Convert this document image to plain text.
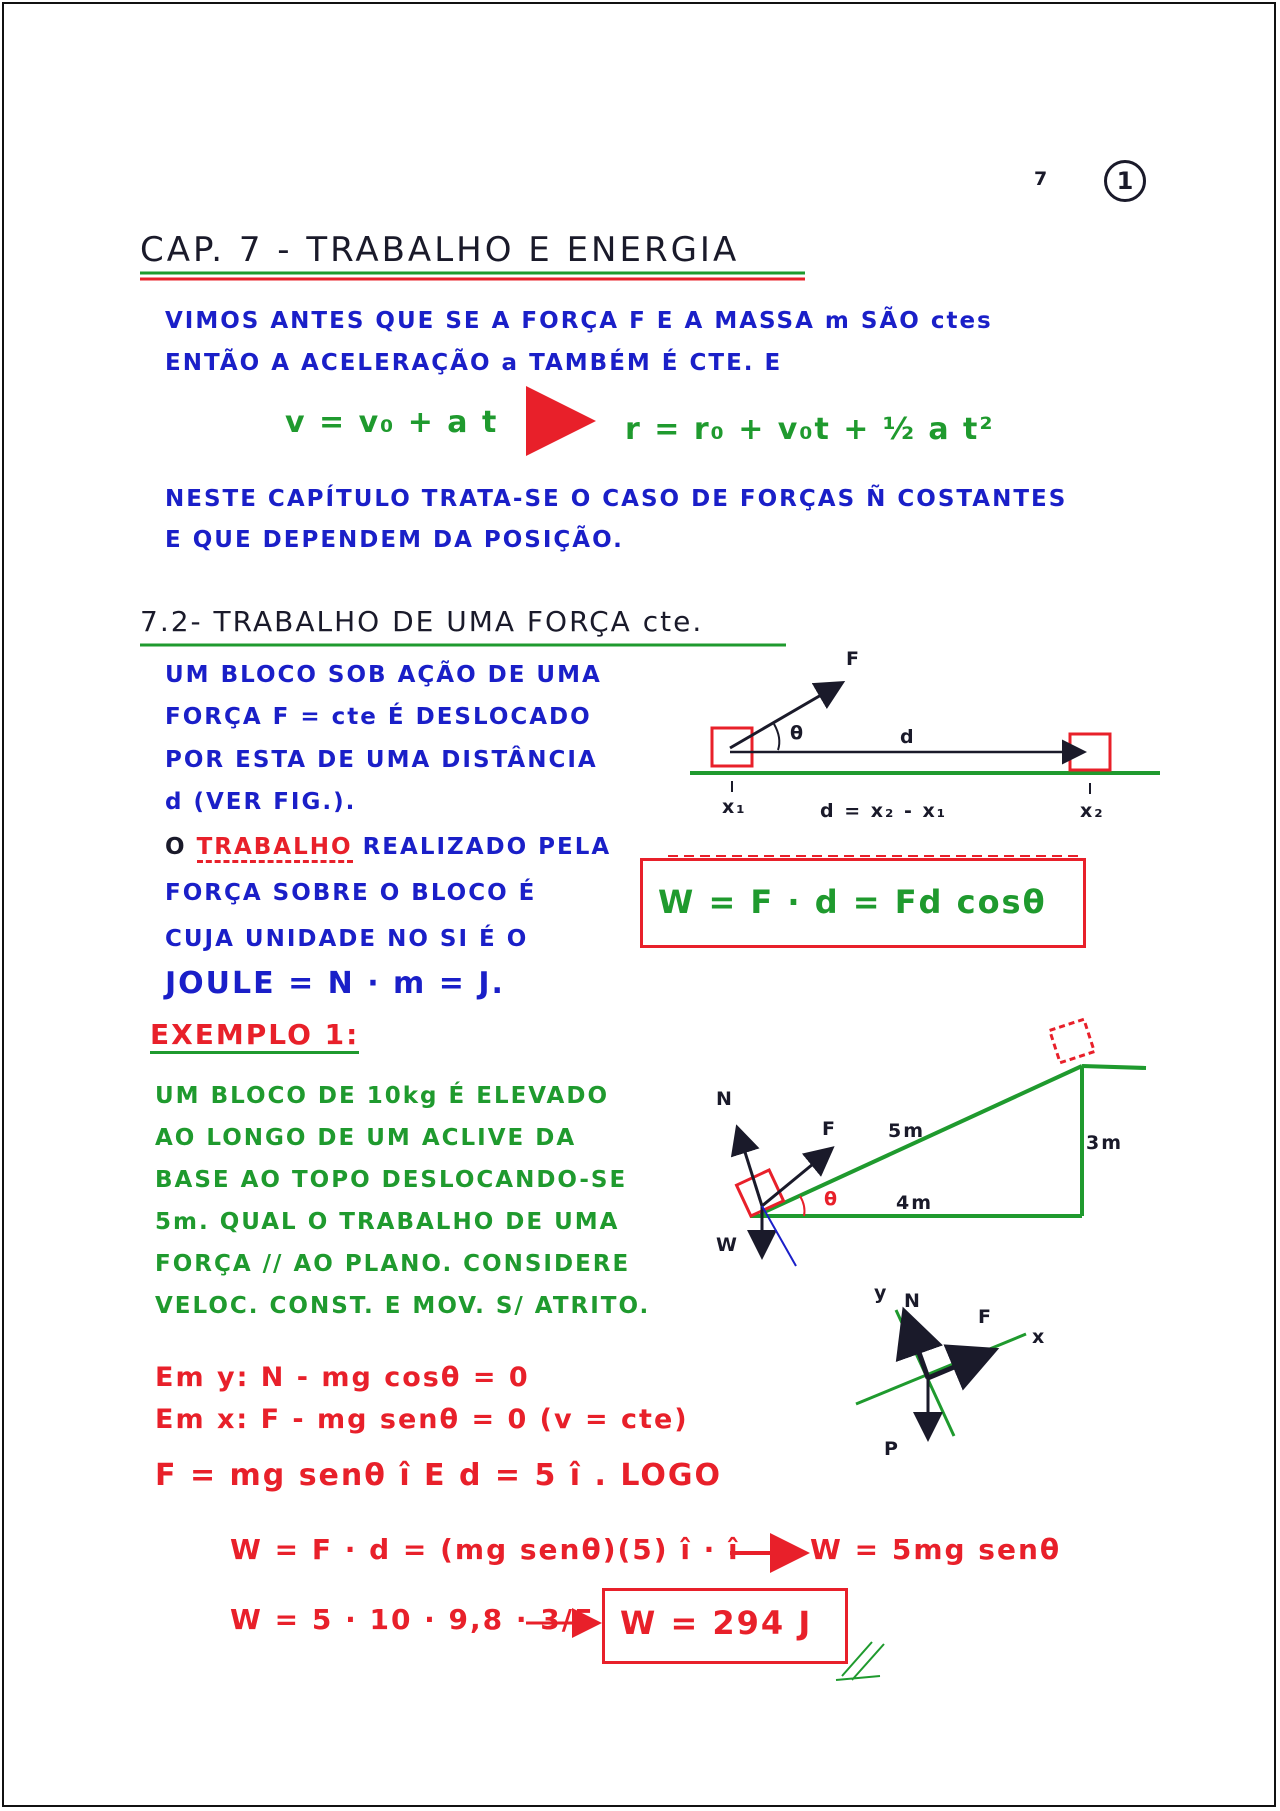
7	1
CAP. 7 - TRABALHO E ENERGIA
VIMOS ANTES QUE SE A FORÇA F E A MASSA m SÃO ctes
ENTÃO A ACELERAÇÃO a TAMBÉM É CTE. E
v = v₀ + a t	r = r₀ + v₀t + ½ a t²
NESTE CAPÍTULO TRATA-SE O CASO DE FORÇAS Ñ COSTANTES
E QUE DEPENDEM DA POSIÇÃO.
7.2- TRABALHO DE UMA FORÇA cte.
UM BLOCO SOB AÇÃO DE UMA
FORÇA F = cte É DESLOCADO
POR ESTA DE UMA DISTÂNCIA
d (VER FIG.).
O TRABALHO REALIZADO PELA
FORÇA SOBRE O BLOCO É
CUJA UNIDADE NO SI É O
JOULE = N · m = J.
W = F · d = Fd cosθ
F
θ	d
x₁	x₂
d = x₂ - x₁
EXEMPLO 1:
UM BLOCO DE 10kg É ELEVADO
AO LONGO DE UM ACLIVE DA
BASE AO TOPO DESLOCANDO-SE
5m. QUAL O TRABALHO DE UMA
FORÇA // AO PLANO. CONSIDERE
VELOC. CONST. E MOV. S/ ATRITO.
N
F
W
5m
3m
4m
θ
y
x
N
F
P
Em y: N - mg cosθ = 0
Em x: F - mg senθ = 0 (v = cte)
F = mg senθ î E d = 5 î . LOGO
W = F · d = (mg senθ)(5) î · î	W = 5mg senθ
W = 5 · 10 · 9,8 · 3/5 W = 294 J
